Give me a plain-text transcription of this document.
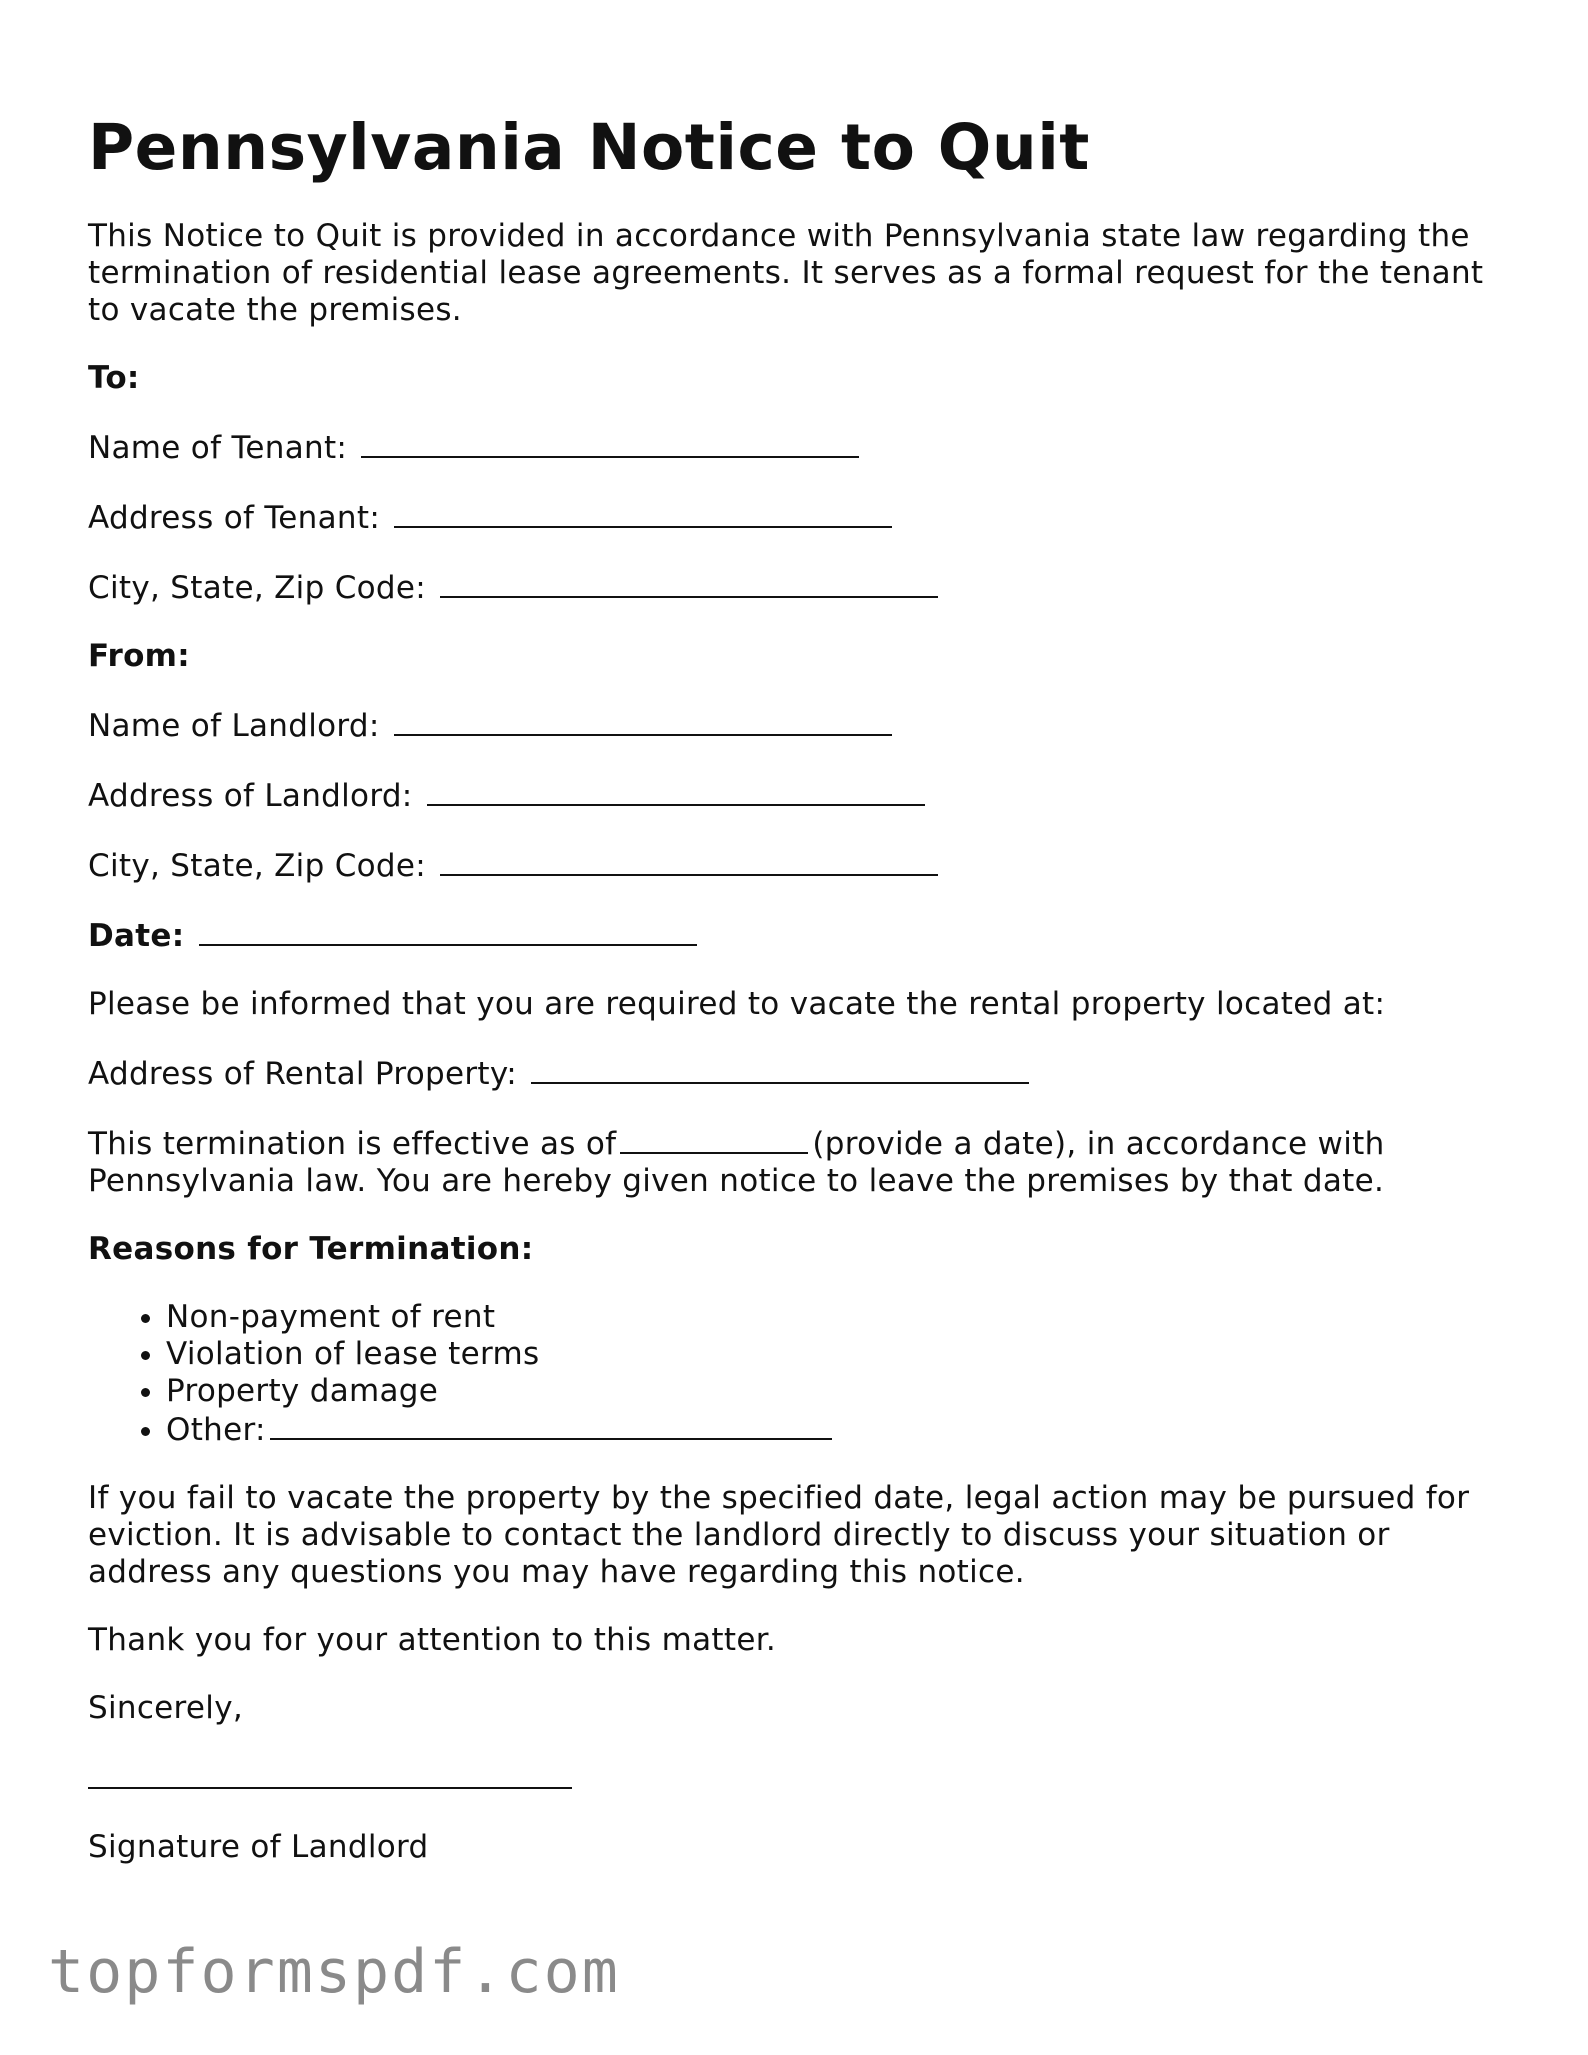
Pennsylvania Notice to Quit

This Notice to Quit is provided in accordance with Pennsylvania state law regarding the termination of residential lease agreements. It serves as a formal request for the tenant to vacate the premises.

To:

Name of Tenant:

Address of Tenant:

City, State, Zip Code:

From:

Name of Landlord:

Address of Landlord:

City, State, Zip Code:

Date:

Please be informed that you are required to vacate the rental property located at:

Address of Rental Property:

This termination is effective as of	(provide a date), in accordance with Pennsylvania law. You are hereby given notice to leave the premises by that date.

Reasons for Termination:

• Non-payment of rent
• Violation of lease terms
• Property damage
• Other:

If you fail to vacate the property by the specified date, legal action may be pursued for eviction. It is advisable to contact the landlord directly to discuss your situation or address any questions you may have regarding this notice.

Thank you for your attention to this matter.

Sincerely,

Signature of Landlord

topformspdf.com
